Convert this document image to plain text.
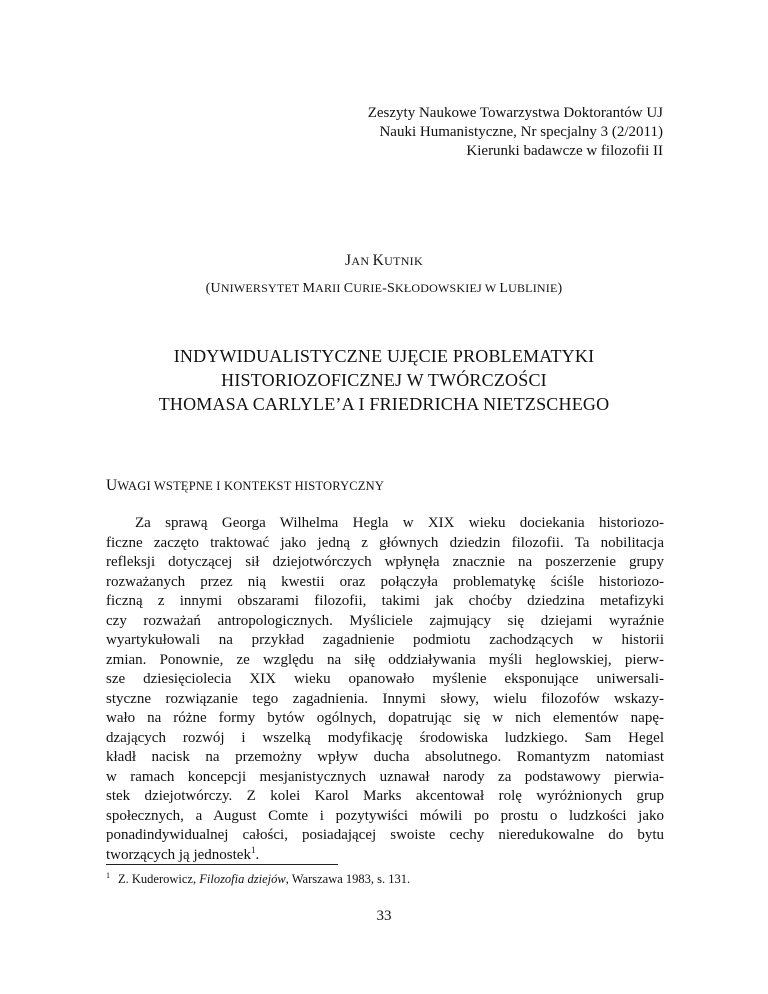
Zeszyty Naukowe Towarzystwa Doktorantów UJ
Nauki Humanistyczne, Nr specjalny 3 (2/2011)
Kierunki badawcze w filozofii II
JAN KUTNIK
(UNIWERSYTET MARII CURIE-SKŁODOWSKIEJ W LUBLINIE)
INDYWIDUALISTYCZNE UJĘCIE PROBLEMATYKI
HISTORIOZOFICZNEJ W TWÓRCZOŚCI
THOMASA CARLYLE’A I FRIEDRICHA NIETZSCHEGO
UWAGI WSTĘPNE I KONTEKST HISTORYCZNY
Za sprawą Georga Wilhelma Hegla w XIX wieku dociekania historiozo-
ficzne zaczęto traktować jako jedną z głównych dziedzin filozofii. Ta nobilitacja
refleksji dotyczącej sił dziejotwórczych wpłynęła znacznie na poszerzenie grupy
rozważanych przez nią kwestii oraz połączyła problematykę ściśle historiozo-
ficzną z innymi obszarami filozofii, takimi jak choćby dziedzina metafizyki
czy rozważań antropologicznych. Myśliciele zajmujący się dziejami wyraźnie
wyartykułowali na przykład zagadnienie podmiotu zachodzących w historii
zmian. Ponownie, ze względu na siłę oddziaływania myśli heglowskiej, pierw-
sze dziesięciolecia XIX wieku opanowało myślenie eksponujące uniwersali-
styczne rozwiązanie tego zagadnienia. Innymi słowy, wielu filozofów wskazy-
wało na różne formy bytów ogólnych, dopatrując się w nich elementów napę-
dzających rozwój i wszelką modyfikację środowiska ludzkiego. Sam Hegel
kładł nacisk na przemożny wpływ ducha absolutnego. Romantyzm natomiast
w ramach koncepcji mesjanistycznych uznawał narody za podstawowy pierwia-
stek dziejotwórczy. Z kolei Karol Marks akcentował rolę wyróżnionych grup
społecznych, a August Comte i pozytywiści mówili po prostu o ludzkości jako
ponadindywidualnej całości, posiadającej swoiste cechy nieredukowalne do bytu
tworzących ją jednostek$^1$.
$^1$ Z. Kuderowicz, Filozofia dziejów, Warszawa 1983, s. 131.
33
